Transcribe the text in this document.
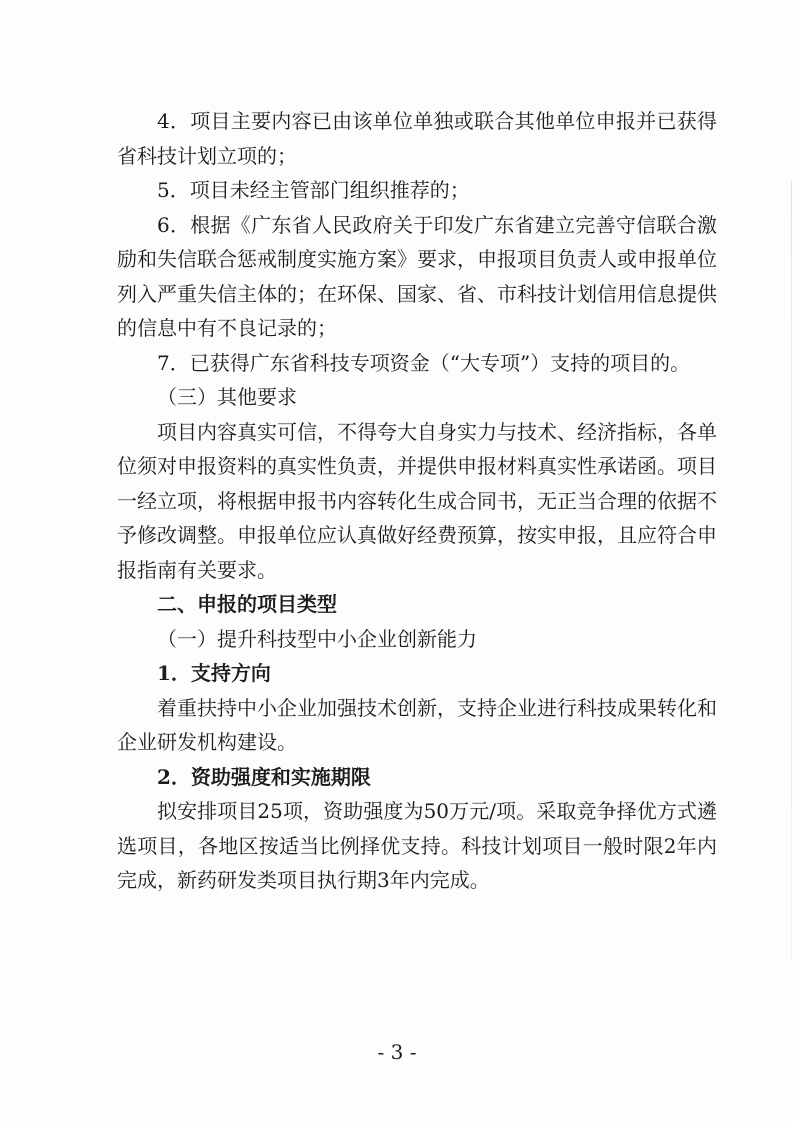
4．项目主要内容已由该单位单独或联合其他单位申报并已获得省科技计划立项的；

5．项目未经主管部门组织推荐的；

6．根据《广东省人民政府关于印发广东省建立完善守信联合激励和失信联合惩戒制度实施方案》要求，申报项目负责人或申报单位列入严重失信主体的；在环保、国家、省、市科技计划信用信息提供的信息中有不良记录的；

7．已获得广东省科技专项资金（“大专项”）支持的项目的。

（三）其他要求

项目内容真实可信，不得夸大自身实力与技术、经济指标，各单位须对申报资料的真实性负责，并提供申报材料真实性承诺函。项目一经立项，将根据申报书内容转化生成合同书，无正当合理的依据不予修改调整。申报单位应认真做好经费预算，按实申报，且应符合申报指南有关要求。

二、申报的项目类型

（一）提升科技型中小企业创新能力

1．支持方向

着重扶持中小企业加强技术创新，支持企业进行科技成果转化和企业研发机构建设。

2．资助强度和实施期限

拟安排项目25项，资助强度为50万元/项。采取竞争择优方式遴选项目，各地区按适当比例择优支持。科技计划项目一般时限2年内完成，新药研发类项目执行期3年内完成。

- 3 -
